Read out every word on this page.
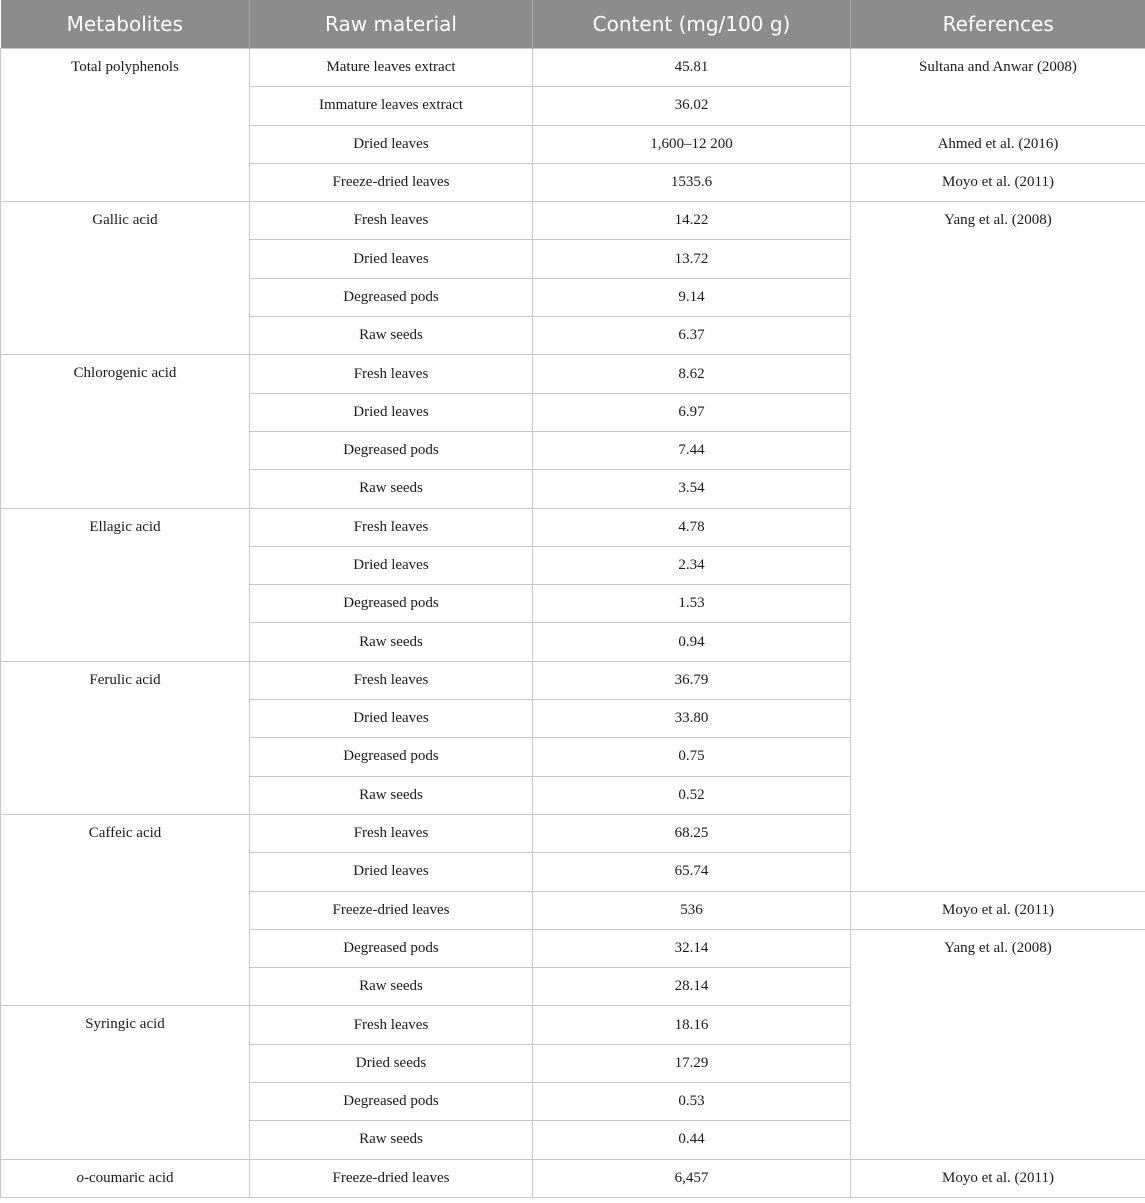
Metabolites	Raw material	Content (mg/100 g)	References
Total polyphenols	Mature leaves extract	45.81	Sultana and Anwar (2008)
	Immature leaves extract	36.02	
	Dried leaves	1,600–12 200	Ahmed et al. (2016)
	Freeze-dried leaves	1535.6	Moyo et al. (2011)
Gallic acid	Fresh leaves	14.22	Yang et al. (2008)
	Dried leaves	13.72	
	Degreased pods	9.14	
	Raw seeds	6.37	
Chlorogenic acid	Fresh leaves	8.62	
	Dried leaves	6.97	
	Degreased pods	7.44	
	Raw seeds	3.54	
Ellagic acid	Fresh leaves	4.78	
	Dried leaves	2.34	
	Degreased pods	1.53	
	Raw seeds	0.94	
Ferulic acid	Fresh leaves	36.79	
	Dried leaves	33.80	
	Degreased pods	0.75	
	Raw seeds	0.52	
Caffeic acid	Fresh leaves	68.25	
	Dried leaves	65.74	
	Freeze-dried leaves	536	Moyo et al. (2011)
	Degreased pods	32.14	Yang et al. (2008)
	Raw seeds	28.14	
Syringic acid	Fresh leaves	18.16	
	Dried seeds	17.29	
	Degreased pods	0.53	
	Raw seeds	0.44	
o-coumaric acid	Freeze-dried leaves	6,457	Moyo et al. (2011)
